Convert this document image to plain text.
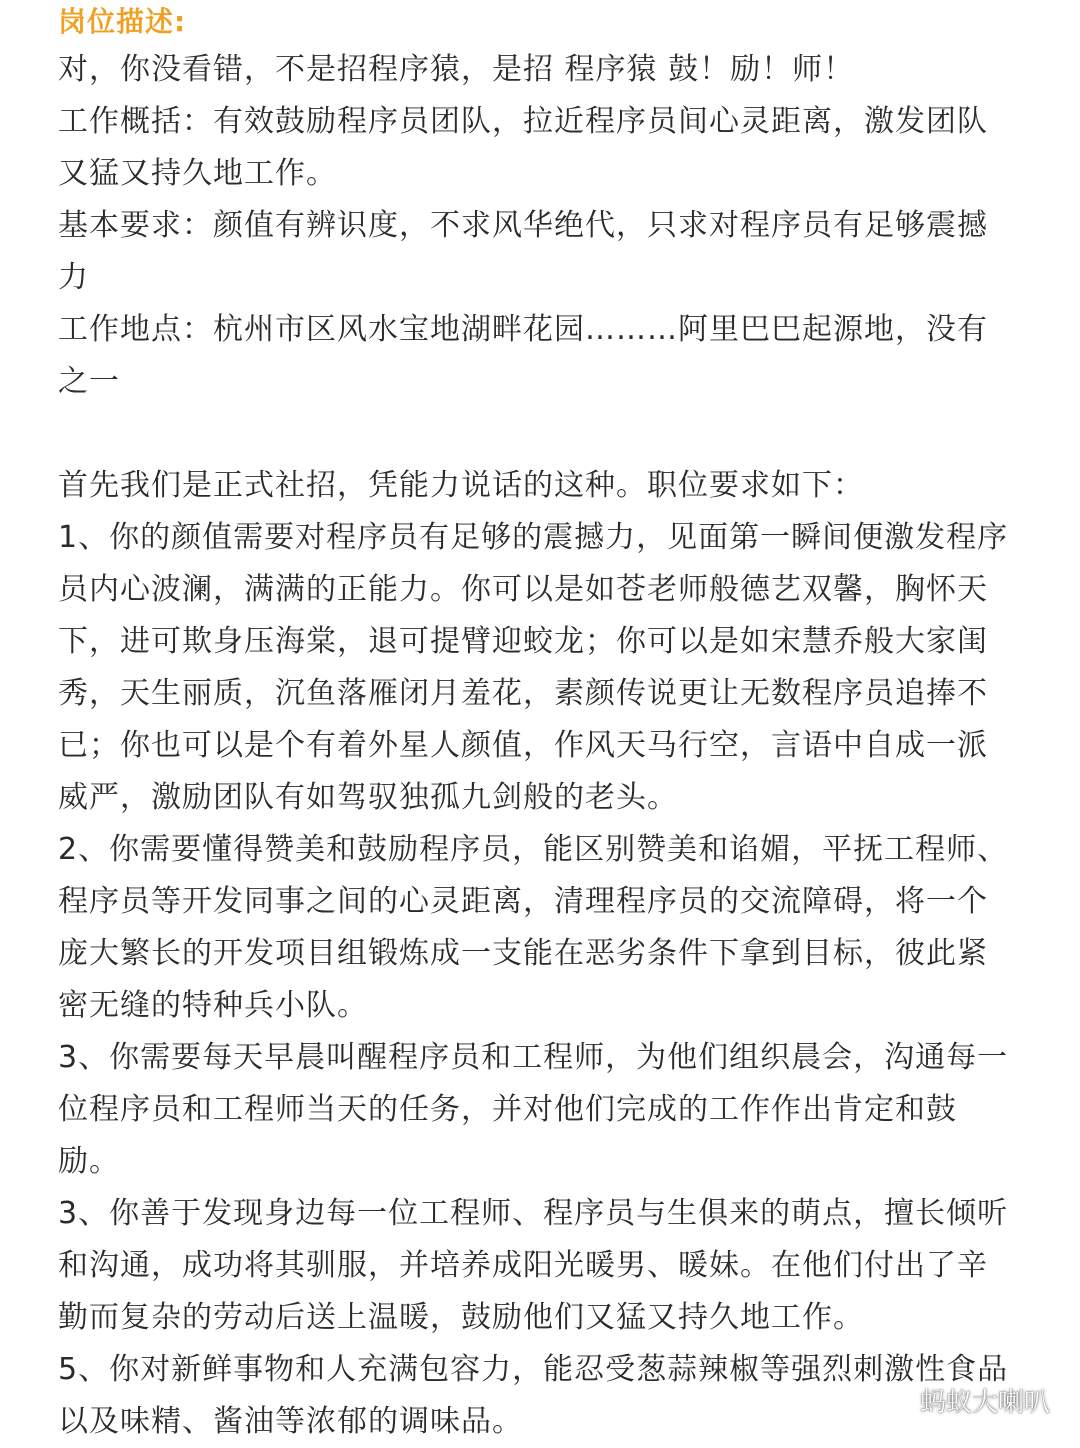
岗位描述:

对，你没看错，不是招程序猿，是招 程序猿 鼓！励！师！

工作概括：有效鼓励程序员团队，拉近程序员间心灵距离，激发团队

又猛又持久地工作。

基本要求：颜值有辨识度，不求风华绝代，只求对程序员有足够震撼

力

工作地点：杭州市区风水宝地湖畔花园………阿里巴巴起源地，没有

之一

首先我们是正式社招，凭能力说话的这种。职位要求如下：

1、你的颜值需要对程序员有足够的震撼力，见面第一瞬间便激发程序

员内心波澜，满满的正能力。你可以是如苍老师般德艺双馨，胸怀天

下，进可欺身压海棠，退可提臂迎蛟龙；你可以是如宋慧乔般大家闺

秀，天生丽质，沉鱼落雁闭月羞花，素颜传说更让无数程序员追捧不

已；你也可以是个有着外星人颜值，作风天马行空，言语中自成一派

威严，激励团队有如驾驭独孤九剑般的老头。

2、你需要懂得赞美和鼓励程序员，能区别赞美和谄媚，平抚工程师、

程序员等开发同事之间的心灵距离，清理程序员的交流障碍，将一个

庞大繁长的开发项目组锻炼成一支能在恶劣条件下拿到目标，彼此紧

密无缝的特种兵小队。

3、你需要每天早晨叫醒程序员和工程师，为他们组织晨会，沟通每一

位程序员和工程师当天的任务，并对他们完成的工作作出肯定和鼓

励。

3、你善于发现身边每一位工程师、程序员与生俱来的萌点，擅长倾听

和沟通，成功将其驯服，并培养成阳光暖男、暖妹。在他们付出了辛

勤而复杂的劳动后送上温暖，鼓励他们又猛又持久地工作。

5、你对新鲜事物和人充满包容力，能忍受葱蒜辣椒等强烈刺激性食品

以及味精、酱油等浓郁的调味品。

蚂蚁大喇叭
